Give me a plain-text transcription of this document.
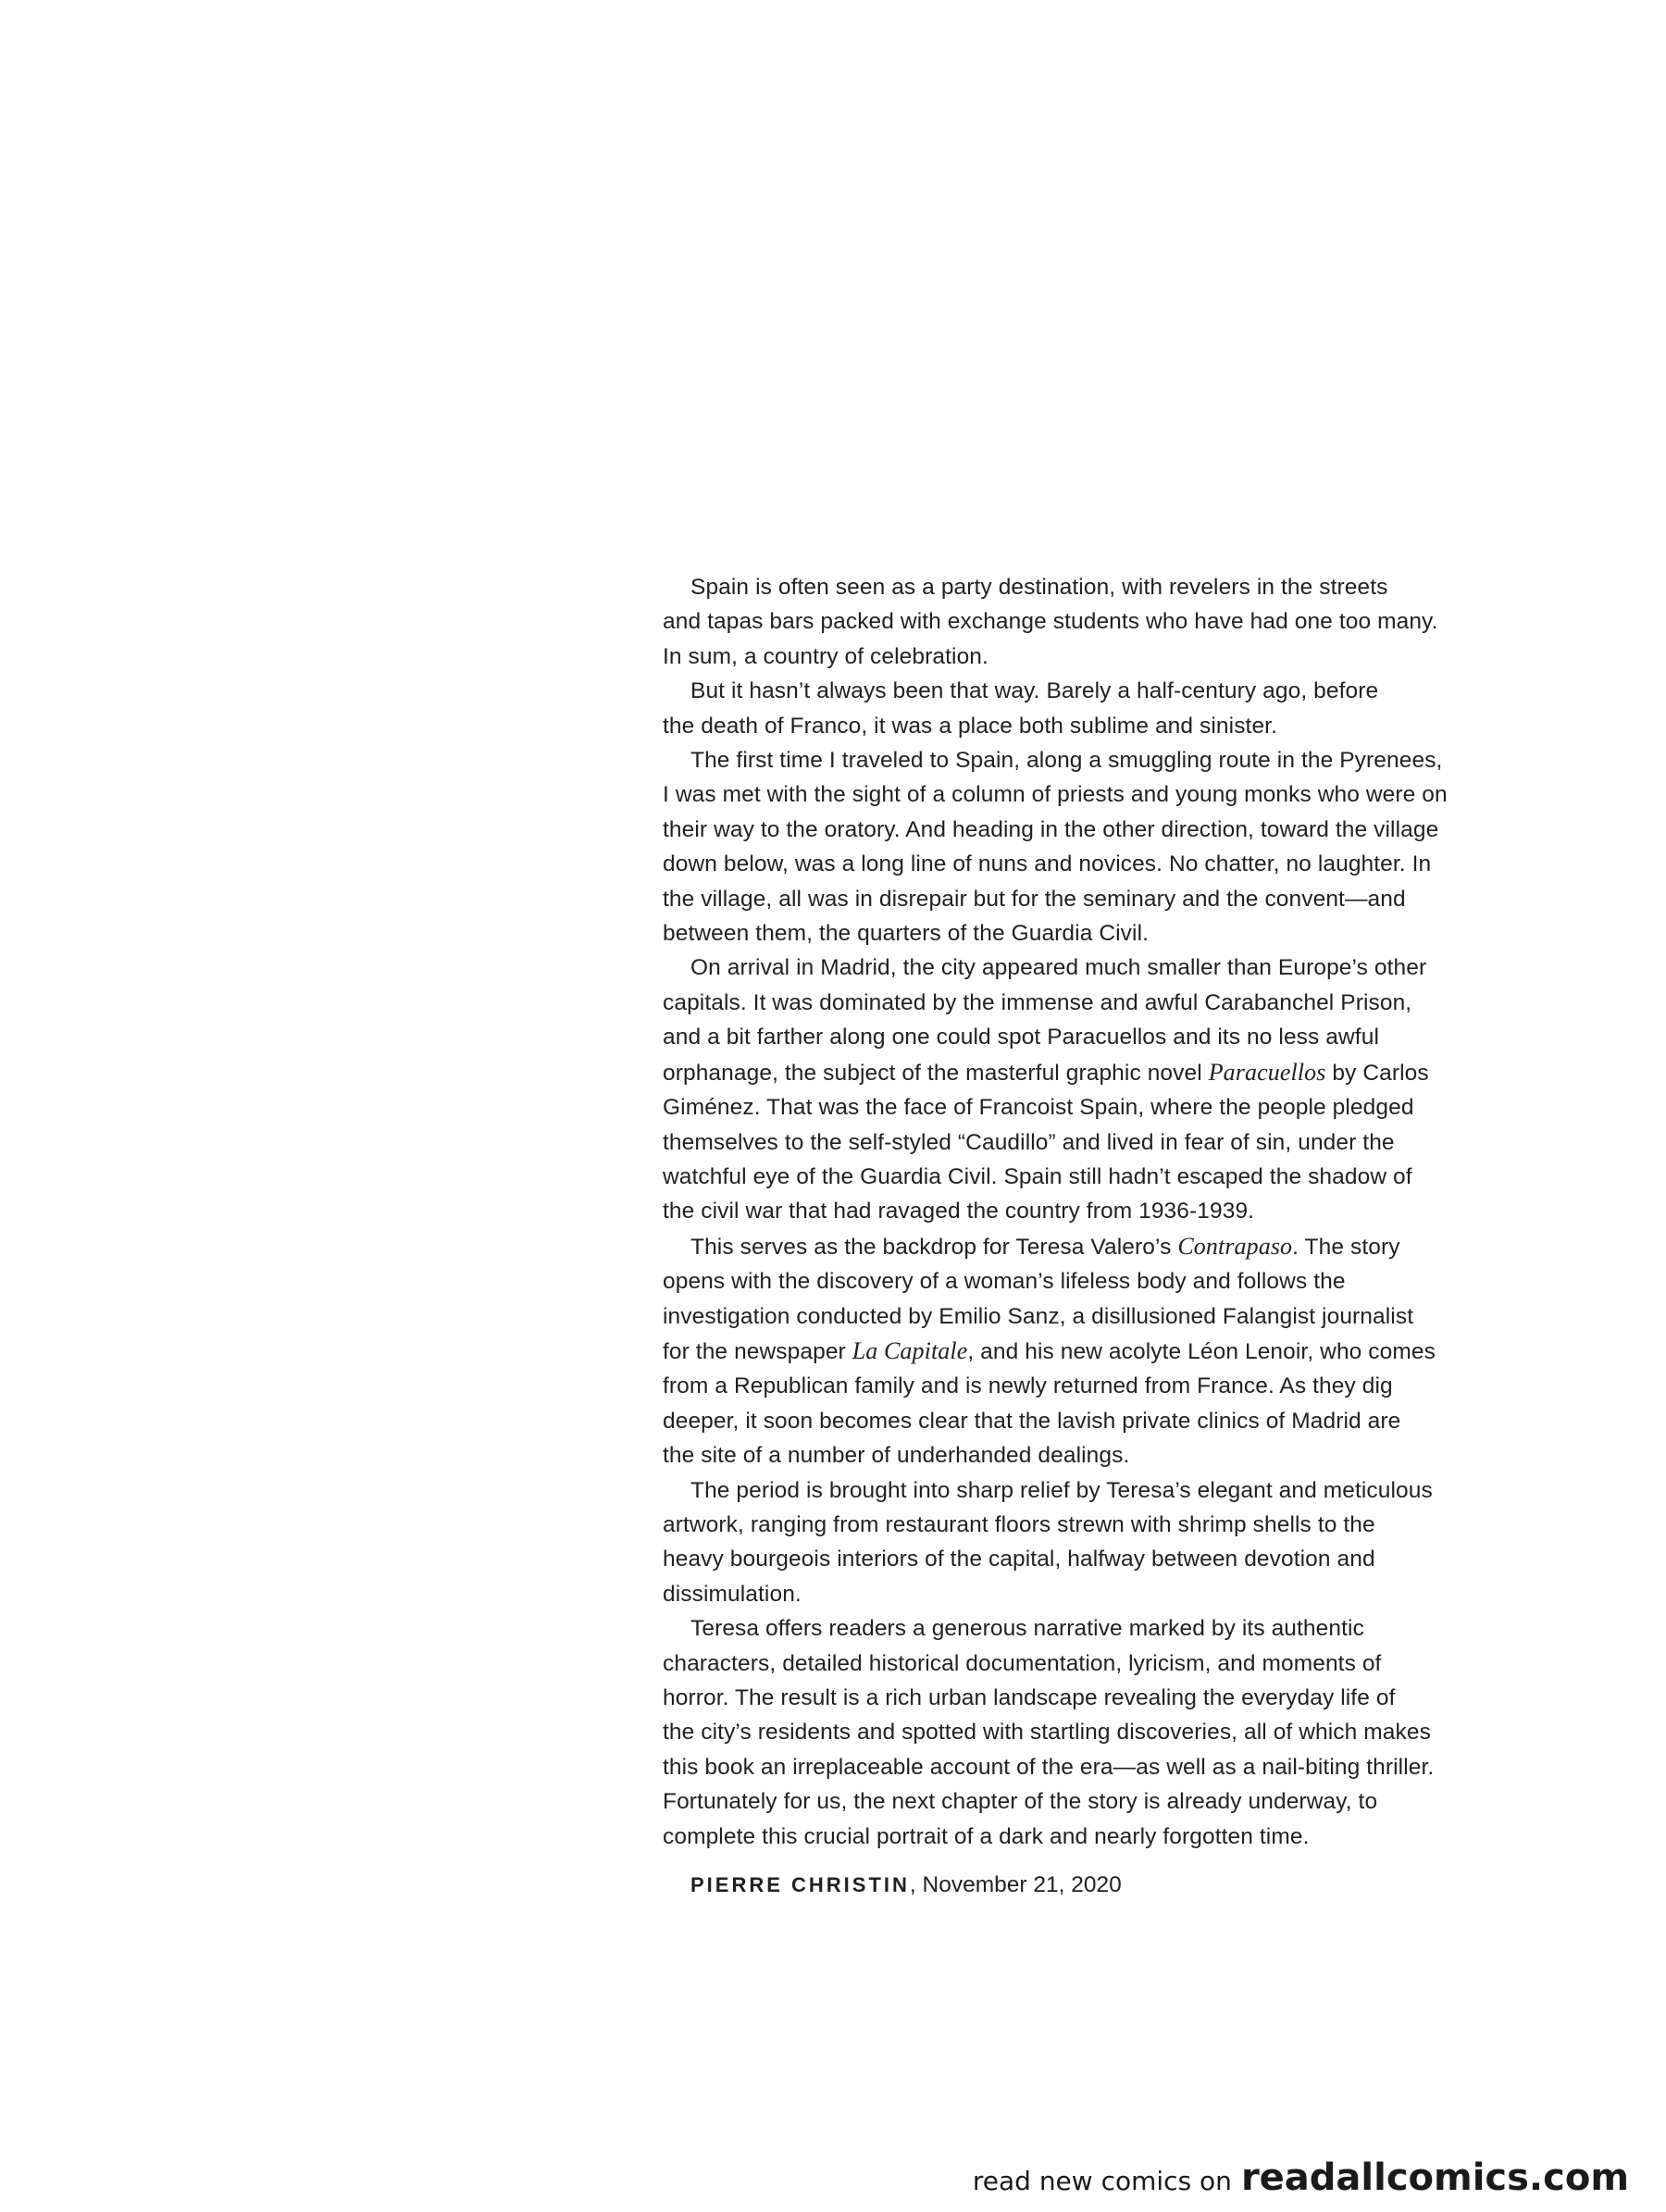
Spain is often seen as a party destination, with revelers in the streets
and tapas bars packed with exchange students who have had one too many.
In sum, a country of celebration.
But it hasn’t always been that way. Barely a half-century ago, before
the death of Franco, it was a place both sublime and sinister.
The first time I traveled to Spain, along a smuggling route in the Pyrenees,
I was met with the sight of a column of priests and young monks who were on
their way to the oratory. And heading in the other direction, toward the village
down below, was a long line of nuns and novices. No chatter, no laughter. In
the village, all was in disrepair but for the seminary and the convent—and
between them, the quarters of the Guardia Civil.
On arrival in Madrid, the city appeared much smaller than Europe’s other
capitals. It was dominated by the immense and awful Carabanchel Prison,
and a bit farther along one could spot Paracuellos and its no less awful
orphanage, the subject of the masterful graphic novel Paracuellos by Carlos
Giménez. That was the face of Francoist Spain, where the people pledged
themselves to the self-styled “Caudillo” and lived in fear of sin, under the
watchful eye of the Guardia Civil. Spain still hadn’t escaped the shadow of
the civil war that had ravaged the country from 1936-1939.
This serves as the backdrop for Teresa Valero’s Contrapaso. The story
opens with the discovery of a woman’s lifeless body and follows the
investigation conducted by Emilio Sanz, a disillusioned Falangist journalist
for the newspaper La Capitale, and his new acolyte Léon Lenoir, who comes
from a Republican family and is newly returned from France. As they dig
deeper, it soon becomes clear that the lavish private clinics of Madrid are
the site of a number of underhanded dealings.
The period is brought into sharp relief by Teresa’s elegant and meticulous
artwork, ranging from restaurant floors strewn with shrimp shells to the
heavy bourgeois interiors of the capital, halfway between devotion and
dissimulation.
Teresa offers readers a generous narrative marked by its authentic
characters, detailed historical documentation, lyricism, and moments of
horror. The result is a rich urban landscape revealing the everyday life of
the city’s residents and spotted with startling discoveries, all of which makes
this book an irreplaceable account of the era—as well as a nail-biting thriller.
Fortunately for us, the next chapter of the story is already underway, to
complete this crucial portrait of a dark and nearly forgotten time.
PIERRE CHRISTIN, November 21, 2020
read new comics on readallcomics.com
